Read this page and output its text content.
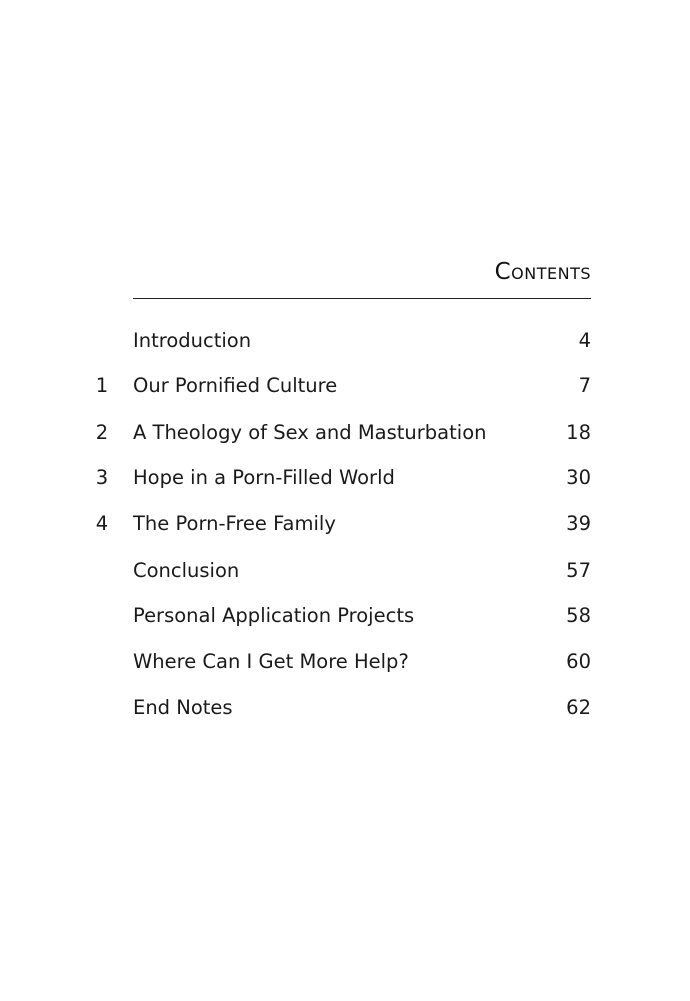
Contents
Introduction	4
1 Our Pornified Culture	7
2 A Theology of Sex and Masturbation	18
3 Hope in a Porn-Filled World	30
4 The Porn-Free Family	39
Conclusion	57
Personal Application Projects	58
Where Can I Get More Help?	60
End Notes	62
